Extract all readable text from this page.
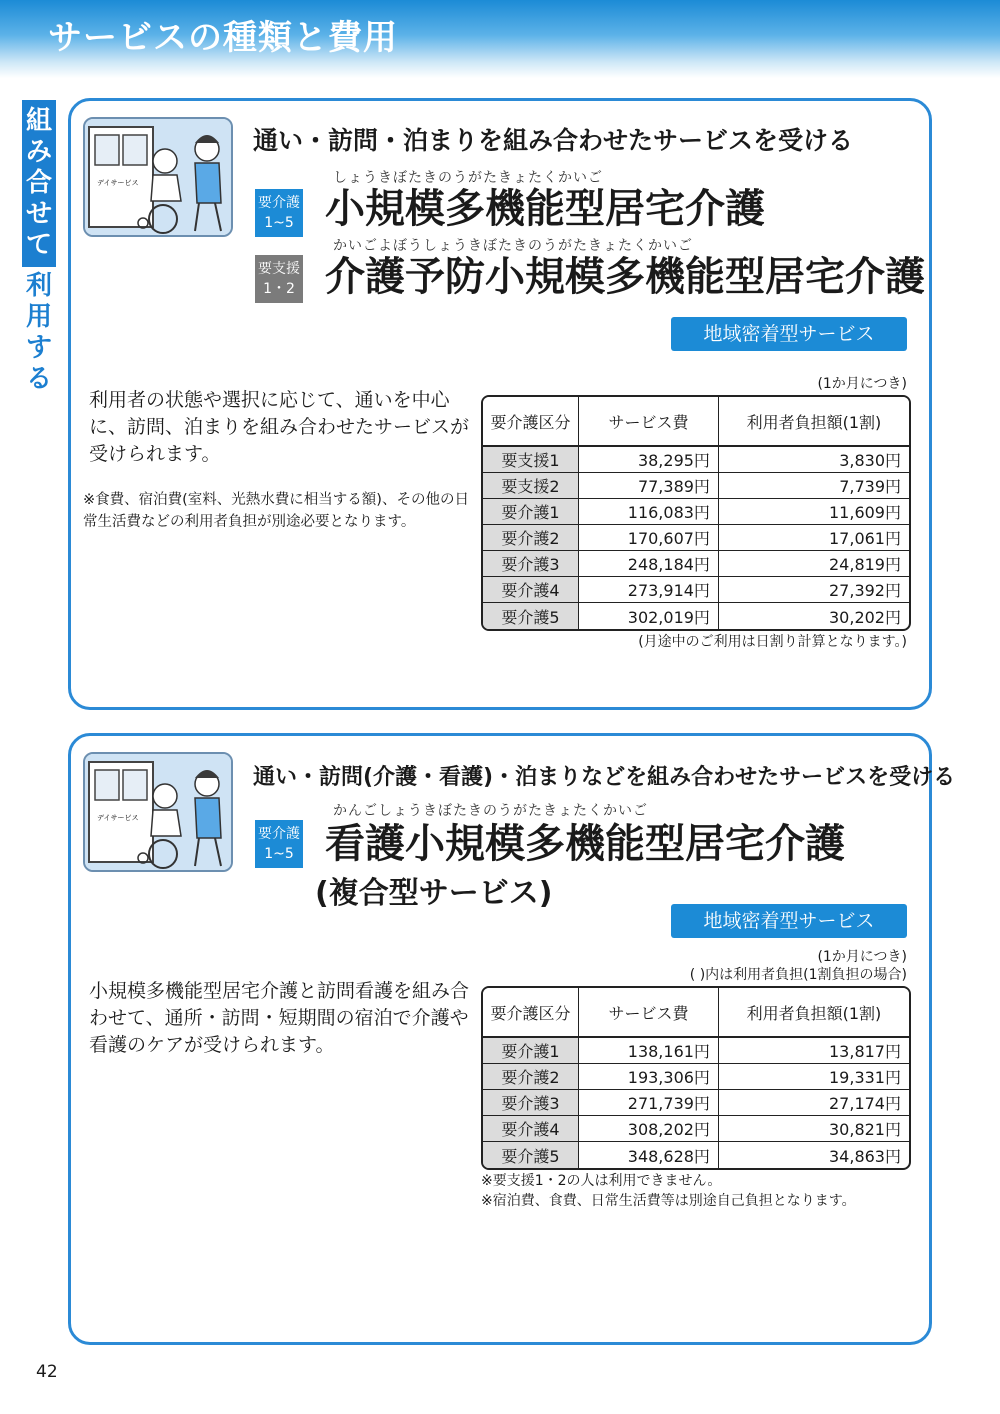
サービスの種類と費用
組
み
合
せ
て
利
用
す
る
デイサービス
通い・訪問・泊まりを組み合わせたサービスを受ける
要介護
1~5
しょうきぼたきのうがたきょたくかいご
小規模多機能型居宅介護
要支援
1・2
かいごよぼうしょうきぼたきのうがたきょたくかいご
介護予防小規模多機能型居宅介護
地域密着型サービス
利用者の状態や選択に応じて、通いを中心に、訪問、泊まりを組み合わせたサービスが受けられます。
※食費、宿泊費(室料、光熱水費に相当する額)、その他の日常生活費などの利用者負担が別途必要となります。
(1か月につき)
要介護区分	サービス費	利用者負担額(1割)
要支援1	38,295円	3,830円
要支援2	77,389円	7,739円
要介護1	116,083円	11,609円
要介護2	170,607円	17,061円
要介護3	248,184円	24,819円
要介護4	273,914円	27,392円
要介護5	302,019円	30,202円
(月途中のご利用は日割り計算となります。)
デイサービス
通い・訪問(介護・看護)・泊まりなどを組み合わせたサービスを受ける
要介護
1~5
かんごしょうきぼたきのうがたきょたくかいご
看護小規模多機能型居宅介護
(複合型サービス)
地域密着型サービス
小規模多機能型居宅介護と訪問看護を組み合わせて、通所・訪問・短期間の宿泊で介護や看護のケアが受けられます。
(1か月につき)
( )内は利用者負担(1割負担の場合)
要介護区分	サービス費	利用者負担額(1割)
要介護1	138,161円	13,817円
要介護2	193,306円	19,331円
要介護3	271,739円	27,174円
要介護4	308,202円	30,821円
要介護5	348,628円	34,863円
※要支援1・2の人は利用できません。
※宿泊費、食費、日常生活費等は別途自己負担となります。
42
